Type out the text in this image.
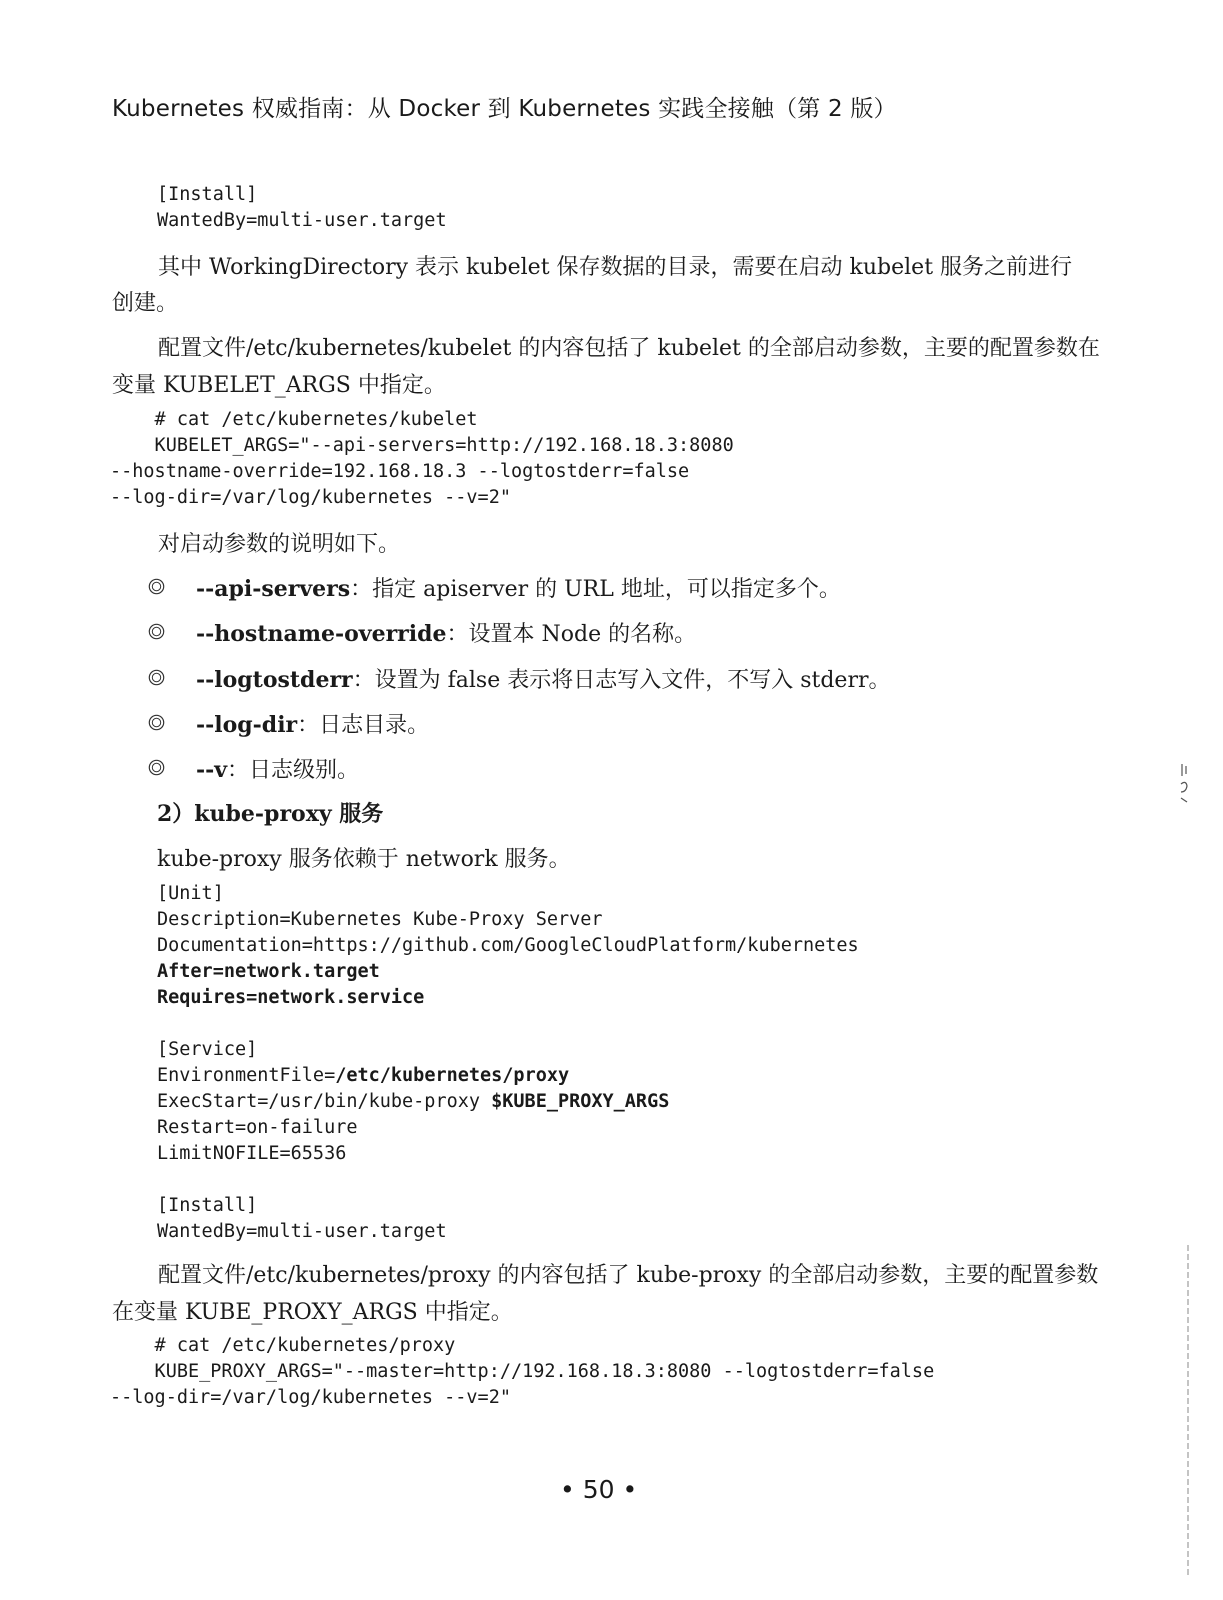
Kubernetes 权威指南：从 Docker 到 Kubernetes 实践全接触（第 2 版）
[Install]
WantedBy=multi-user.target
其中 WorkingDirectory 表示 kubelet 保存数据的目录，需要在启动 kubelet 服务之前进行
创建。
配置文件/etc/kubernetes/kubelet 的内容包括了 kubelet 的全部启动参数，主要的配置参数在
变量 KUBELET_ARGS 中指定。
# cat /etc/kubernetes/kubelet
KUBELET_ARGS="--api-servers=http://192.168.18.3:8080
--hostname-override=192.168.18.3 --logtostderr=false
--log-dir=/var/log/kubernetes --v=2"
对启动参数的说明如下。
--api-servers：指定 apiserver 的 URL 地址，可以指定多个。
--hostname-override：设置本 Node 的名称。
--logtostderr：设置为 false 表示将日志写入文件，不写入 stderr。
--log-dir：日志目录。
--v：日志级别。
2）kube-proxy 服务
kube-proxy 服务依赖于 network 服务。
[Unit]
Description=Kubernetes Kube-Proxy Server
Documentation=https://github.com/GoogleCloudPlatform/kubernetes
After=network.target
Requires=network.service

[Service]
EnvironmentFile=/etc/kubernetes/proxy
ExecStart=/usr/bin/kube-proxy $KUBE_PROXY_ARGS
Restart=on-failure
LimitNOFILE=65536

[Install]
WantedBy=multi-user.target
配置文件/etc/kubernetes/proxy 的内容包括了 kube-proxy 的全部启动参数，主要的配置参数
在变量 KUBE_PROXY_ARGS 中指定。
# cat /etc/kubernetes/proxy
KUBE_PROXY_ARGS="--master=http://192.168.18.3:8080 --logtostderr=false
--log-dir=/var/log/kubernetes --v=2"
• 50 •
